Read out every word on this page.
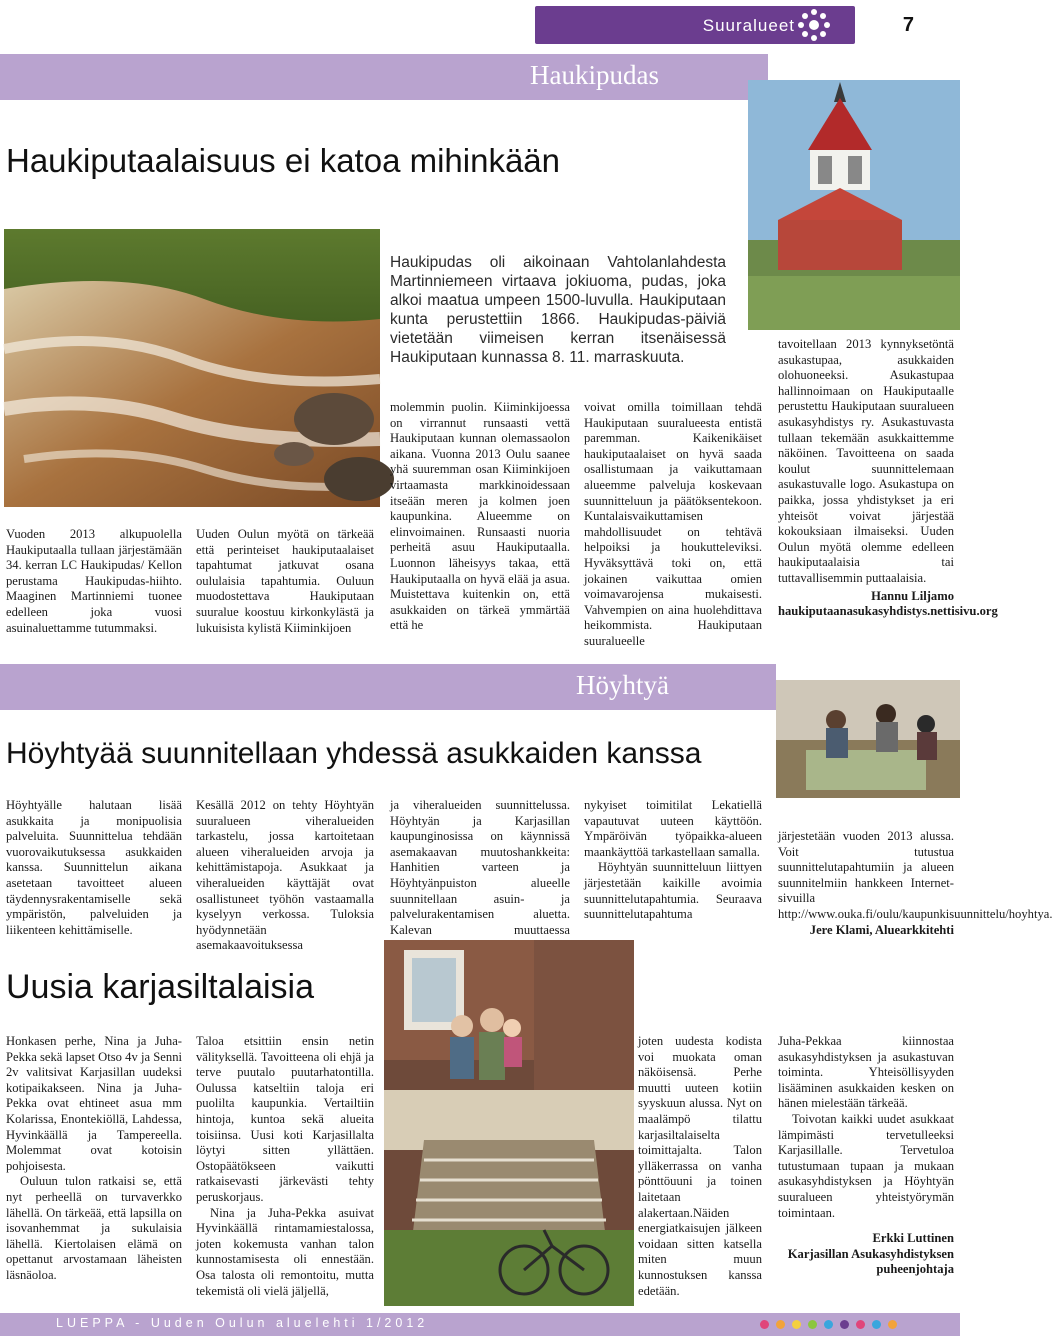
Suuralueet	7
Haukipudas
Haukiputaalaisuus ei katoa mihinkään

Vuoden 2013 alkupuolella Haukiputaalla tullaan järjestämään 34. kerran LC Haukipudas/ Kellon perustama Haukipudas-hiihto. Maaginen Martinniemi tuonee edelleen joka vuosi asuinaluettamme tutummaksi.

Uuden Oulun myötä on tärkeää että perinteiset haukiputaalaiset tapahtumat jatkuvat osana oululaisia tapahtumia. Ouluun muodostettava Haukiputaan suuralue koostuu kirkonkylästä ja lukuisista kylistä Kiiminkijoen

Haukipudas oli aikoinaan Vahtolanlahdesta Martinniemeen virtaava jokiuoma, pudas, joka alkoi maatua umpeen 1500-luvulla. Haukiputaan kunta perustettiin 1866. Haukipudas-päiviä vietetään viimeisen kerran itsenäisessä Haukiputaan kunnassa 8. 11. marraskuuta.

molemmin puolin. Kiiminkijoessa on virrannut runsaasti vettä Haukiputaan kunnan olemassaolon aikana. Vuonna 2013 Oulu saanee yhä suuremman osan Kiiminkijoen virtaamasta markkinoidessaan itseään meren ja kolmen joen kaupunkina. Alueemme on elinvoimainen. Runsaasti nuoria perheitä asuu Haukiputaalla. Luonnon läheisyys takaa, että Haukiputaalla on hyvä elää ja asua. Muistettava kuitenkin on, että asukkaiden on tärkeä ymmärtää että he

voivat omilla toimillaan tehdä Haukiputaan suuralueesta entistä paremman. Kaikenikäiset haukiputaalaiset on hyvä saada osallistumaan ja vaikuttamaan alueemme palveluja koskevaan suunnitteluun ja päätöksentekoon. Kuntalaisvaikuttamisen mahdollisuudet on tehtävä helpoiksi ja houkutteleviksi. Hyväksyttävä toki on, että jokainen vaikuttaa omien voimavarojensa mukaisesti. Vahvempien on aina huolehdittava heikommista. Haukiputaan suuralueelle

tavoitellaan 2013 kynnyksetöntä asukastupaa, asukkaiden olohuoneeksi. Asukastupaa hallinnoimaan on Haukiputaalle perustettu Haukiputaan suuralueen asukasyhdistys ry. Asukastuvasta tullaan tekemään asukkaittemme näköinen. Tavoitteena on saada koulut suunnittelemaan asukastuvalle logo. Asukastupa on paikka, jossa yhdistykset ja eri yhteisöt voivat järjestää kokouksiaan ilmaiseksi. Uuden Oulun myötä olemme edelleen haukiputaalaisia tai tuttavallisemmin puttaalaisia.

Hannu Liljamo

haukiputaanasukasyhdistys.nettisivu.org

Höyhtyä
Höyhtyää suunnitellaan yhdessä asukkaiden kanssa

Höyhtyälle halutaan lisää asukkaita ja monipuolisia palveluita. Suunnittelua tehdään vuorovaikutuksessa asukkaiden kanssa. Suunnittelun aikana asetetaan tavoitteet alueen täydennysrakentamiselle sekä ympäristön, palveluiden ja liikenteen kehittämiselle.

Kesällä 2012 on tehty Höyhtyän suuralueen viheralueiden tarkastelu, jossa kartoitetaan alueen viheralueiden arvoja ja kehittämistapoja. Asukkaat ja viheralueiden käyttäjät ovat osallistuneet työhön vastaamalla kyselyyn verkossa. Tuloksia hyödynnetään asemakaavoituksessa

ja viheralueiden suunnittelussa. Höyhtyän ja Karjasillan kaupunginosissa on käynnissä asemakaavan muutoshankkeita: Hanhitien varteen ja Höyhtyänpuiston alueelle suunnitellaan asuin- ja palvelurakentamisen aluetta. Kalevan muuttaessa

nykyiset toimitilat Lekatiellä vapautuvat uuteen käyttöön. Ympäröivän työpaikka-alueen maankäyttöä tarkastellaan samalla.

Höyhtyän suunnitteluun liittyen järjestetään kaikille avoimia suunnittelutapahtumia. Seuraava suunnittelutapahtuma

järjestetään vuoden 2013 alussa. Voit tutustua suunnittelutapahtumiin ja alueen suunnitelmiin hankkeen Internet-sivuilla http://www.ouka.fi/oulu/kaupunkisuunnittelu/hoyhtya.

Jere Klami, Aluearkkitehti

Uusia karjasiltalaisia

Honkasen perhe, Nina ja Juha-Pekka sekä lapset Otso 4v ja Senni 2v valitsivat Karjasillan uudeksi kotipaikakseen. Nina ja Juha-Pekka ovat ehtineet asua mm Kolarissa, Enontekiöllä, Lahdessa, Hyvinkäällä ja Tampereella. Molemmat ovat kotoisin pohjoisesta.

Ouluun tulon ratkaisi se, että nyt perheellä on turvaverkko lähellä. On tärkeää, että lapsilla on isovanhemmat ja sukulaisia lähellä. Kiertolaisen elämä on opettanut arvostamaan läheisten läsnäoloa.

Taloa etsittiin ensin netin välityksellä. Tavoitteena oli ehjä ja terve puutalo puutarhatontilla. Oulussa katseltiin taloja eri puolilta kaupunkia. Vertailtiin hintoja, kuntoa sekä alueita toisiinsa. Uusi koti Karjasillalta löytyi sitten yllättäen. Ostopäätökseen vaikutti ratkaisevasti järkevästi tehty peruskorjaus.

Nina ja Juha-Pekka asuivat Hyvinkäällä rintamamiestalossa, joten kokemusta vanhan talon kunnostamisesta oli ennestään. Osa talosta oli remontoitu, mutta tekemistä oli vielä jäljellä,

joten uudesta kodista voi muokata oman näköisensä. Perhe muutti uuteen kotiin syyskuun alussa. Nyt on maalämpö tilattu karjasiltalaiselta toimittajalta. Talon ylläkerrassa on vanha pönttöuuni ja toinen laitetaan alakertaan.Näiden energiatkaisujen jälkeen voidaan sitten katsella miten muun kunnostuksen kanssa edetään.

Juha-Pekkaa kiinnostaa asukasyhdistyksen ja asukastuvan toiminta. Yhteisöllisyyden lisääminen asukkaiden kesken on hänen mielestään tärkeää.

Toivotan kaikki uudet asukkaat lämpimästi tervetulleeksi Karjasillalle. Tervetuloa tutustumaan tupaan ja mukaan asukasyhdistyksen ja Höyhtyän suuralueen yhteistyörymän toimintaan.

Erkki Luttinen

Karjasillan Asukasyhdistyksen puheenjohtaja

LUEPPA - Uuden Oulun aluelehti 1/2012
